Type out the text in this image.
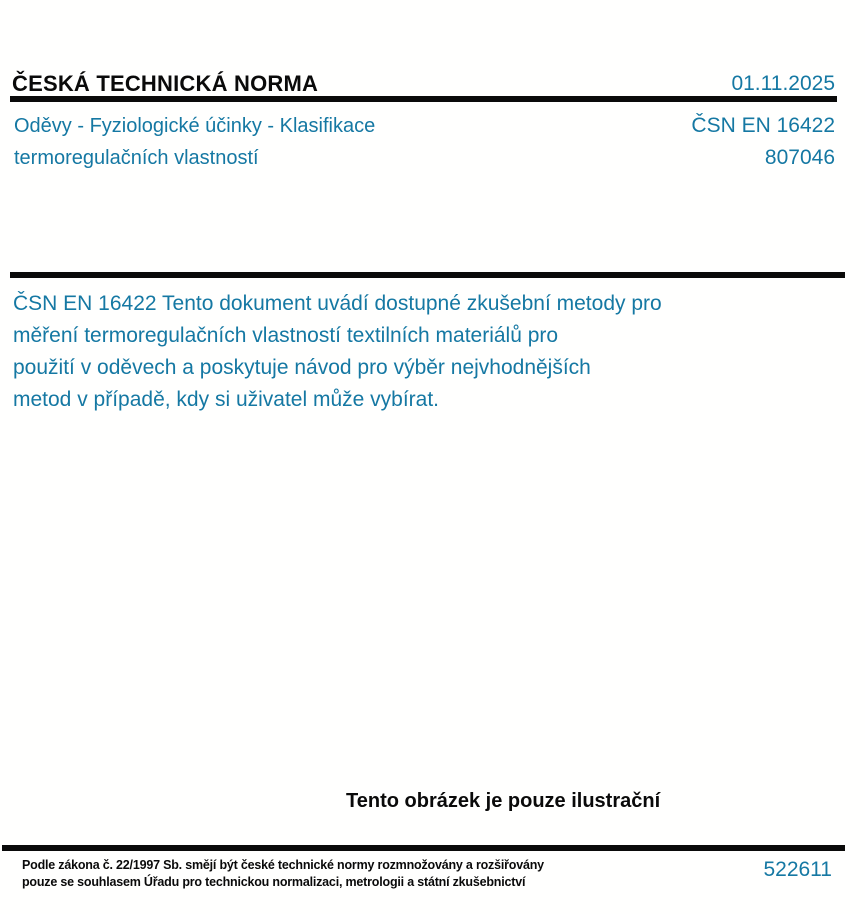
ČESKÁ TECHNICKÁ NORMA	01.11.2025
Oděvy - Fyziologické účinky - Klasifikace
termoregulačních vlastností
ČSN EN 16422
807046
ČSN EN 16422 Tento dokument uvádí dostupné zkušební metody pro
měření termoregulačních vlastností textilních materiálů pro
použití v oděvech a poskytuje návod pro výběr nejvhodnějších
metod v případě, kdy si uživatel může vybírat.
Tento obrázek je pouze ilustrační
Podle zákona č. 22/1997 Sb. smějí být české technické normy rozmnožovány a rozšiřovány
pouze se souhlasem Úřadu pro technickou normalizaci, metrologii a státní zkušebnictví
522611
